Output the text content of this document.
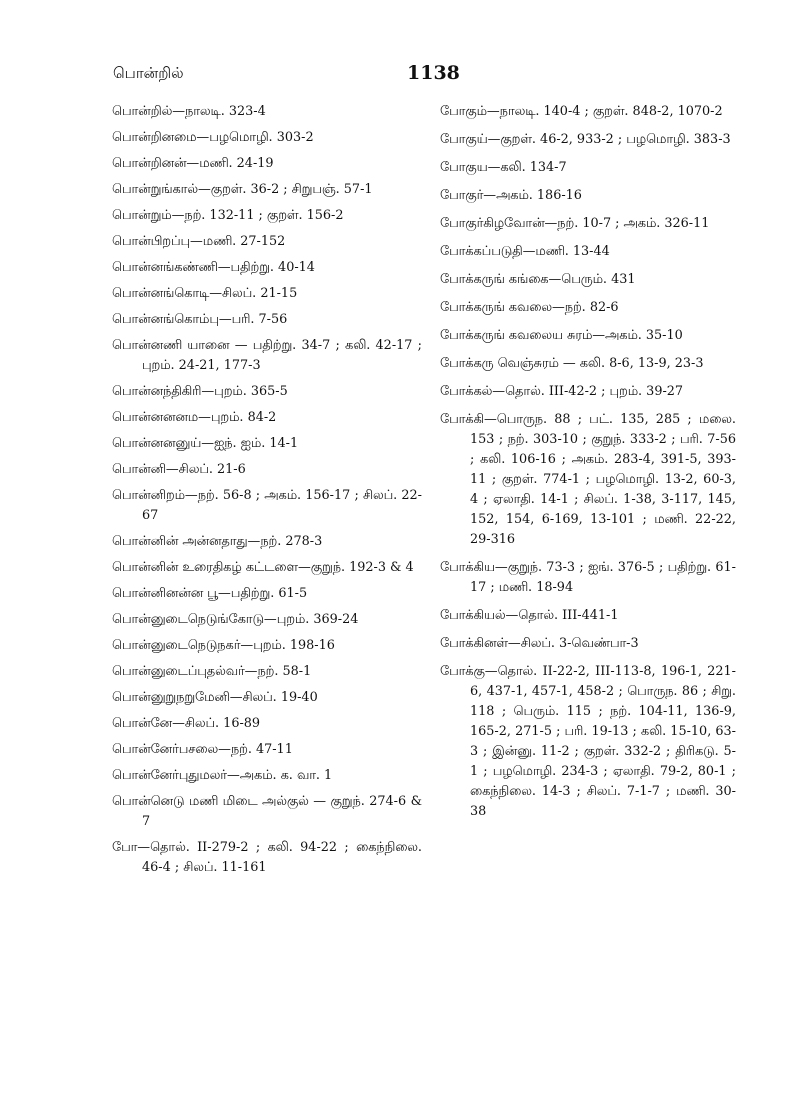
பொன்றில்	1138
பொன்றில்—நாலடி. 323-4
பொன்றினமை—பழமொழி. 303-2
பொன்றினன்—மணி. 24-19
பொன்றுங்கால்—குறள். 36-2 ; சிறுபஞ். 57-1
பொன்றும்—நற். 132-11 ; குறள். 156-2
பொன்பிறப்பு—மணி. 27-152
பொன்னங்கண்ணி—பதிற்று. 40-14
பொன்னங்கொடி—சிலப். 21-15
பொன்னங்கொம்பு—பரி. 7-56
பொன்னணி யானை — பதிற்று. 34-7 ; கலி. 42-17 ; புறம். 24-21, 177-3
பொன்னந்திகிரி—புறம். 365-5
பொன்னனனம—புறம். 84-2
பொன்னனனுய்—ஐந். ஐம். 14-1
பொன்னி—சிலப். 21-6
பொன்னிறம்—நற். 56-8 ; அகம். 156-17 ; சிலப். 22-67
பொன்னின் அன்னதாது—நற். 278-3
பொன்னின் உரைதிகழ் கட்டளை—குறுந். 192-3 & 4
பொன்னினன்ன பூ—பதிற்று. 61-5
பொன்னுடைநெடுங்கோடு—புறம். 369-24
பொன்னுடைநெடுநகர்—புறம். 198-16
பொன்னுடைப்புதல்வர்—நற். 58-1
பொன்னுறுநறுமேனி—சிலப். 19-40
பொன்னே—சிலப். 16-89
பொன்னேர்பசலை—நற். 47-11
பொன்னேர்புதுமலர்—அகம். க. வா. 1
பொன்னெடு மணி மிடை அல்குல் — குறுந். 274-6 & 7
போ—தொல். II-279-2 ; கலி. 94-22 ; கைந்நிலை. 46-4 ; சிலப். 11-161
போகும்—நாலடி. 140-4 ; குறள். 848-2, 1070-2
போகுய்—குறள். 46-2, 933-2 ; பழமொழி. 383-3
போகுய—கலி. 134-7
போகுர்—அகம். 186-16
போகுர்கிழவோன்—நற். 10-7 ; அகம். 326-11
போக்கப்படுதி—மணி. 13-44
போக்கருங் கங்கை—பெரும். 431
போக்கருங் கவலை—நற். 82-6
போக்கருங் கவலைய சுரம்—அகம். 35-10
போக்கரு வெஞ்சுரம் — கலி. 8-6, 13-9, 23-3
போக்கல்—தொல். III-42-2 ; புறம். 39-27
போக்கி—பொருந. 88 ; பட். 135, 285 ; மலை. 153 ; நற். 303-10 ; குறுந். 333-2 ; பரி. 7-56 ; கலி. 106-16 ; அகம். 283-4, 391-5, 393-11 ; குறள். 774-1 ; பழமொழி. 13-2, 60-3, 4 ; ஏலாதி. 14-1 ; சிலப். 1-38, 3-117, 145, 152, 154, 6-169, 13-101 ; மணி. 22-22, 29-316
போக்கிய—குறுந். 73-3 ; ஐங். 376-5 ; பதிற்று. 61-17 ; மணி. 18-94
போக்கியல்—தொல். III-441-1
போக்கினள்—சிலப். 3-வெண்பா-3
போக்கு—தொல். II-22-2, III-113-8, 196-1, 221-6, 437-1, 457-1, 458-2 ; பொருந. 86 ; சிறு. 118 ; பெரும். 115 ; நற். 104-11, 136-9, 165-2, 271-5 ; பரி. 19-13 ; கலி. 15-10, 63-3 ; இன்னு. 11-2 ; குறள். 332-2 ; திரிகடு. 5-1 ; பழமொழி. 234-3 ; ஏலாதி. 79-2, 80-1 ; கைந்நிலை. 14-3 ; சிலப். 7-1-7 ; மணி. 30-38
